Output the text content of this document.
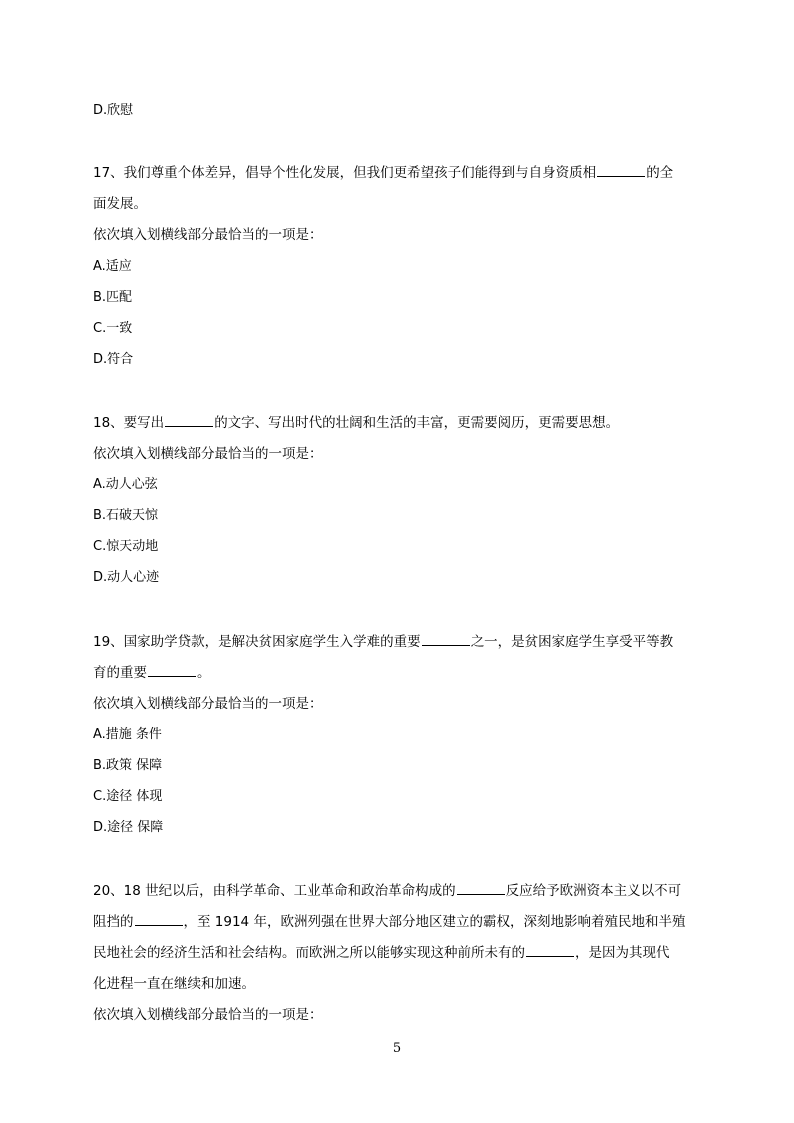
D.欣慰
17、我们尊重个体差异，倡导个性化发展，但我们更希望孩子们能得到与自身资质相	的全
面发展。
依次填入划横线部分最恰当的一项是：
A.适应
B.匹配
C.一致
D.符合
18、要写出	的文字、写出时代的壮阔和生活的丰富，更需要阅历，更需要思想。
依次填入划横线部分最恰当的一项是：
A.动人心弦
B.石破天惊
C.惊天动地
D.动人心迹
19、国家助学贷款，是解决贫困家庭学生入学难的重要	之一，是贫困家庭学生享受平等教
育的重要	。
依次填入划横线部分最恰当的一项是：
A.措施 条件
B.政策 保障
C.途径 体现
D.途径 保障
20、18 世纪以后，由科学革命、工业革命和政治革命构成的	反应给予欧洲资本主义以不可
阻挡的	，至 1914 年，欧洲列强在世界大部分地区建立的霸权，深刻地影响着殖民地和半殖
民地社会的经济生活和社会结构。而欧洲之所以能够实现这种前所未有的	，是因为其现代
化进程一直在继续和加速。
依次填入划横线部分最恰当的一项是：
5
